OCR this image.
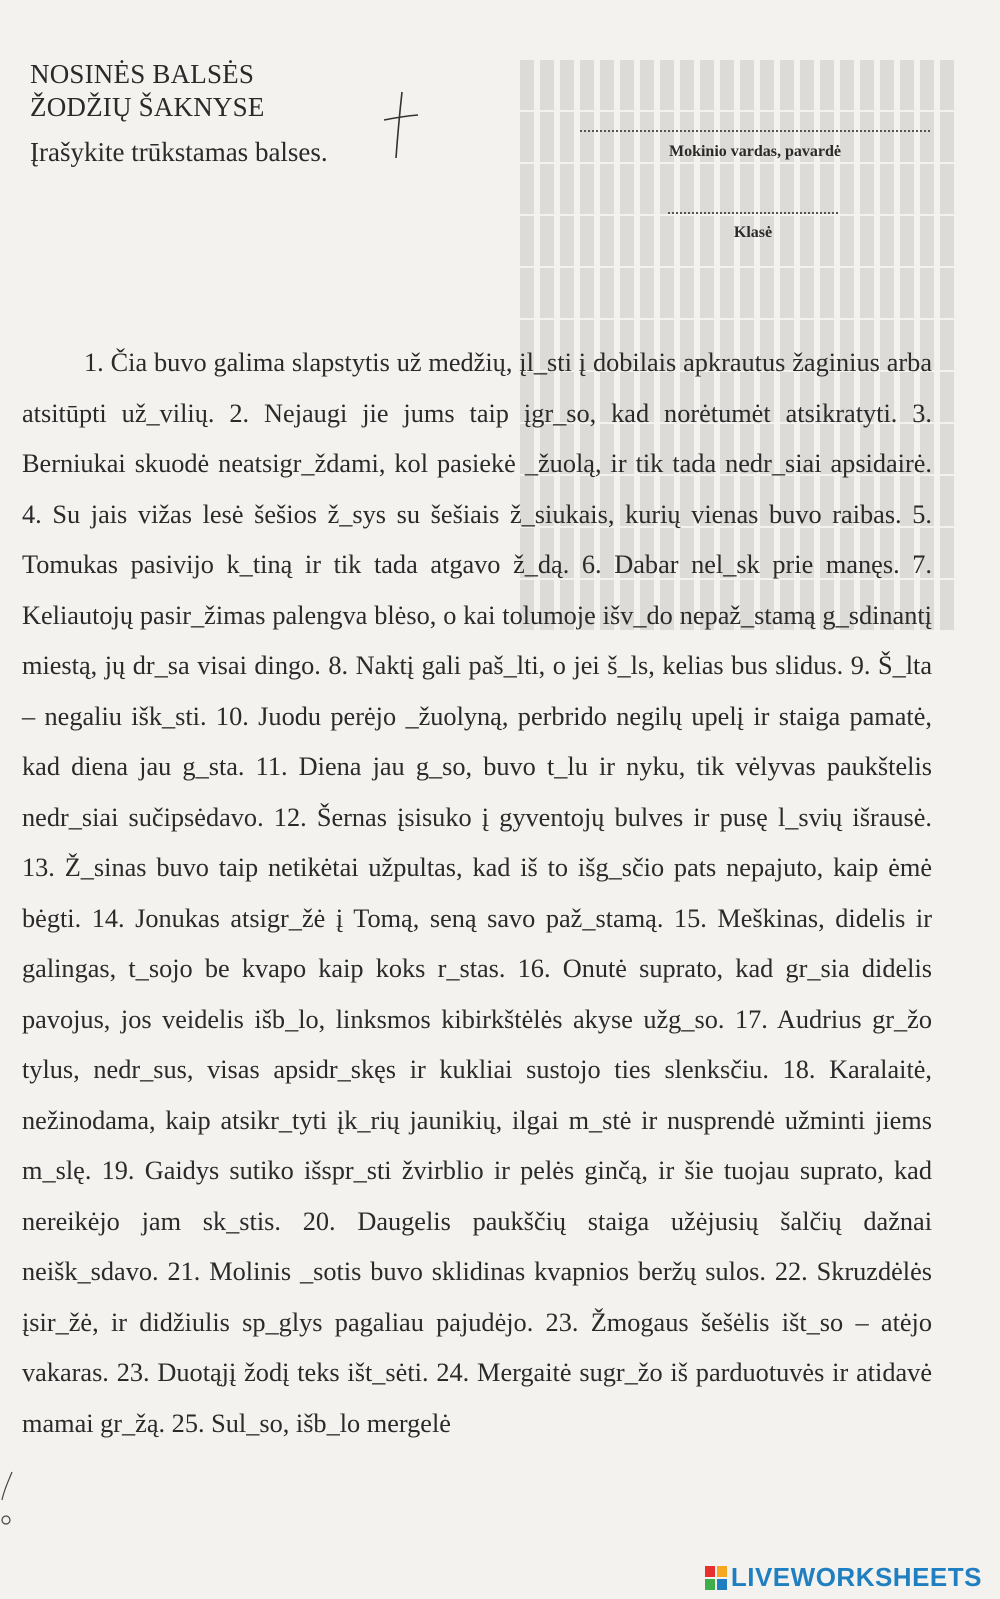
NOSINĖS BALSĖS
ŽODŽIŲ ŠAKNYSE
Įrašykite trūkstamas balses.	Mokinio vardas, pavardė
Klasė

1. Čia buvo galima slapstytis už medžių, įl_sti į dobilais apkrautus žaginius arba atsitūpti už_vilių. 2. Nejaugi jie jums taip įgr_so, kad norėtumėt atsikratyti. 3. Berniukai skuodė neatsigr_ždami, kol pasiekė _žuolą, ir tik tada nedr_siai apsidairė. 4. Su jais vižas lesė šešios ž_sys su šešiais ž_siukais, kurių vienas buvo raibas. 5. Tomukas pasivijo k_tiną ir tik tada atgavo ž_dą. 6. Dabar nel_sk prie manęs. 7. Keliautojų pasir_žimas palengva blėso, o kai tolumoje išv_do nepaž_stamą g_sdinantį miestą, jų dr_sa visai dingo. 8. Naktį gali paš_lti, o jei š_ls, kelias bus slidus. 9. Š_lta – negaliu išk_sti. 10. Juodu perėjo _žuolyną, perbrido negilų upelį ir staiga pamatė, kad diena jau g_sta. 11. Diena jau g_so, buvo t_lu ir nyku, tik vėlyvas paukštelis nedr_siai sučipsėdavo. 12. Šernas įsisuko į gyventojų bulves ir pusę l_svių išrausė. 13. Ž_sinas buvo taip netikėtai užpultas, kad iš to išg_sčio pats nepajuto, kaip ėmė bėgti. 14. Jonukas atsigr_žė į Tomą, seną savo paž_stamą. 15. Meškinas, didelis ir galingas, t_sojo be kvapo kaip koks r_stas. 16. Onutė suprato, kad gr_sia didelis pavojus, jos veidelis išb_lo, linksmos kibirkštėlės akyse užg_so. 17. Audrius gr_žo tylus, nedr_sus, visas apsidr_skęs ir kukliai sustojo ties slenksčiu. 18. Karalaitė, nežinodama, kaip atsikr_tyti įk_rių jaunikių, ilgai m_stė ir nusprendė užminti jiems m_slę. 19. Gaidys sutiko išspr_sti žvirblio ir pelės ginčą, ir šie tuojau suprato, kad nereikėjo jam sk_stis. 20. Daugelis paukščių staiga užėjusių šalčių dažnai neišk_sdavo. 21. Molinis _sotis buvo sklidinas kvapnios beržų sulos. 22. Skruzdėlės įsir_žė, ir didžiulis sp_glys pagaliau pajudėjo. 23. Žmogaus šešėlis išt_so – atėjo vakaras. 23. Duotąjį žodį teks išt_sėti. 24. Mergaitė sugr_žo iš parduotuvės ir atidavė mamai gr_žą. 25. Sul_so, išb_lo mergelė

LIVEWORKSHEETS
